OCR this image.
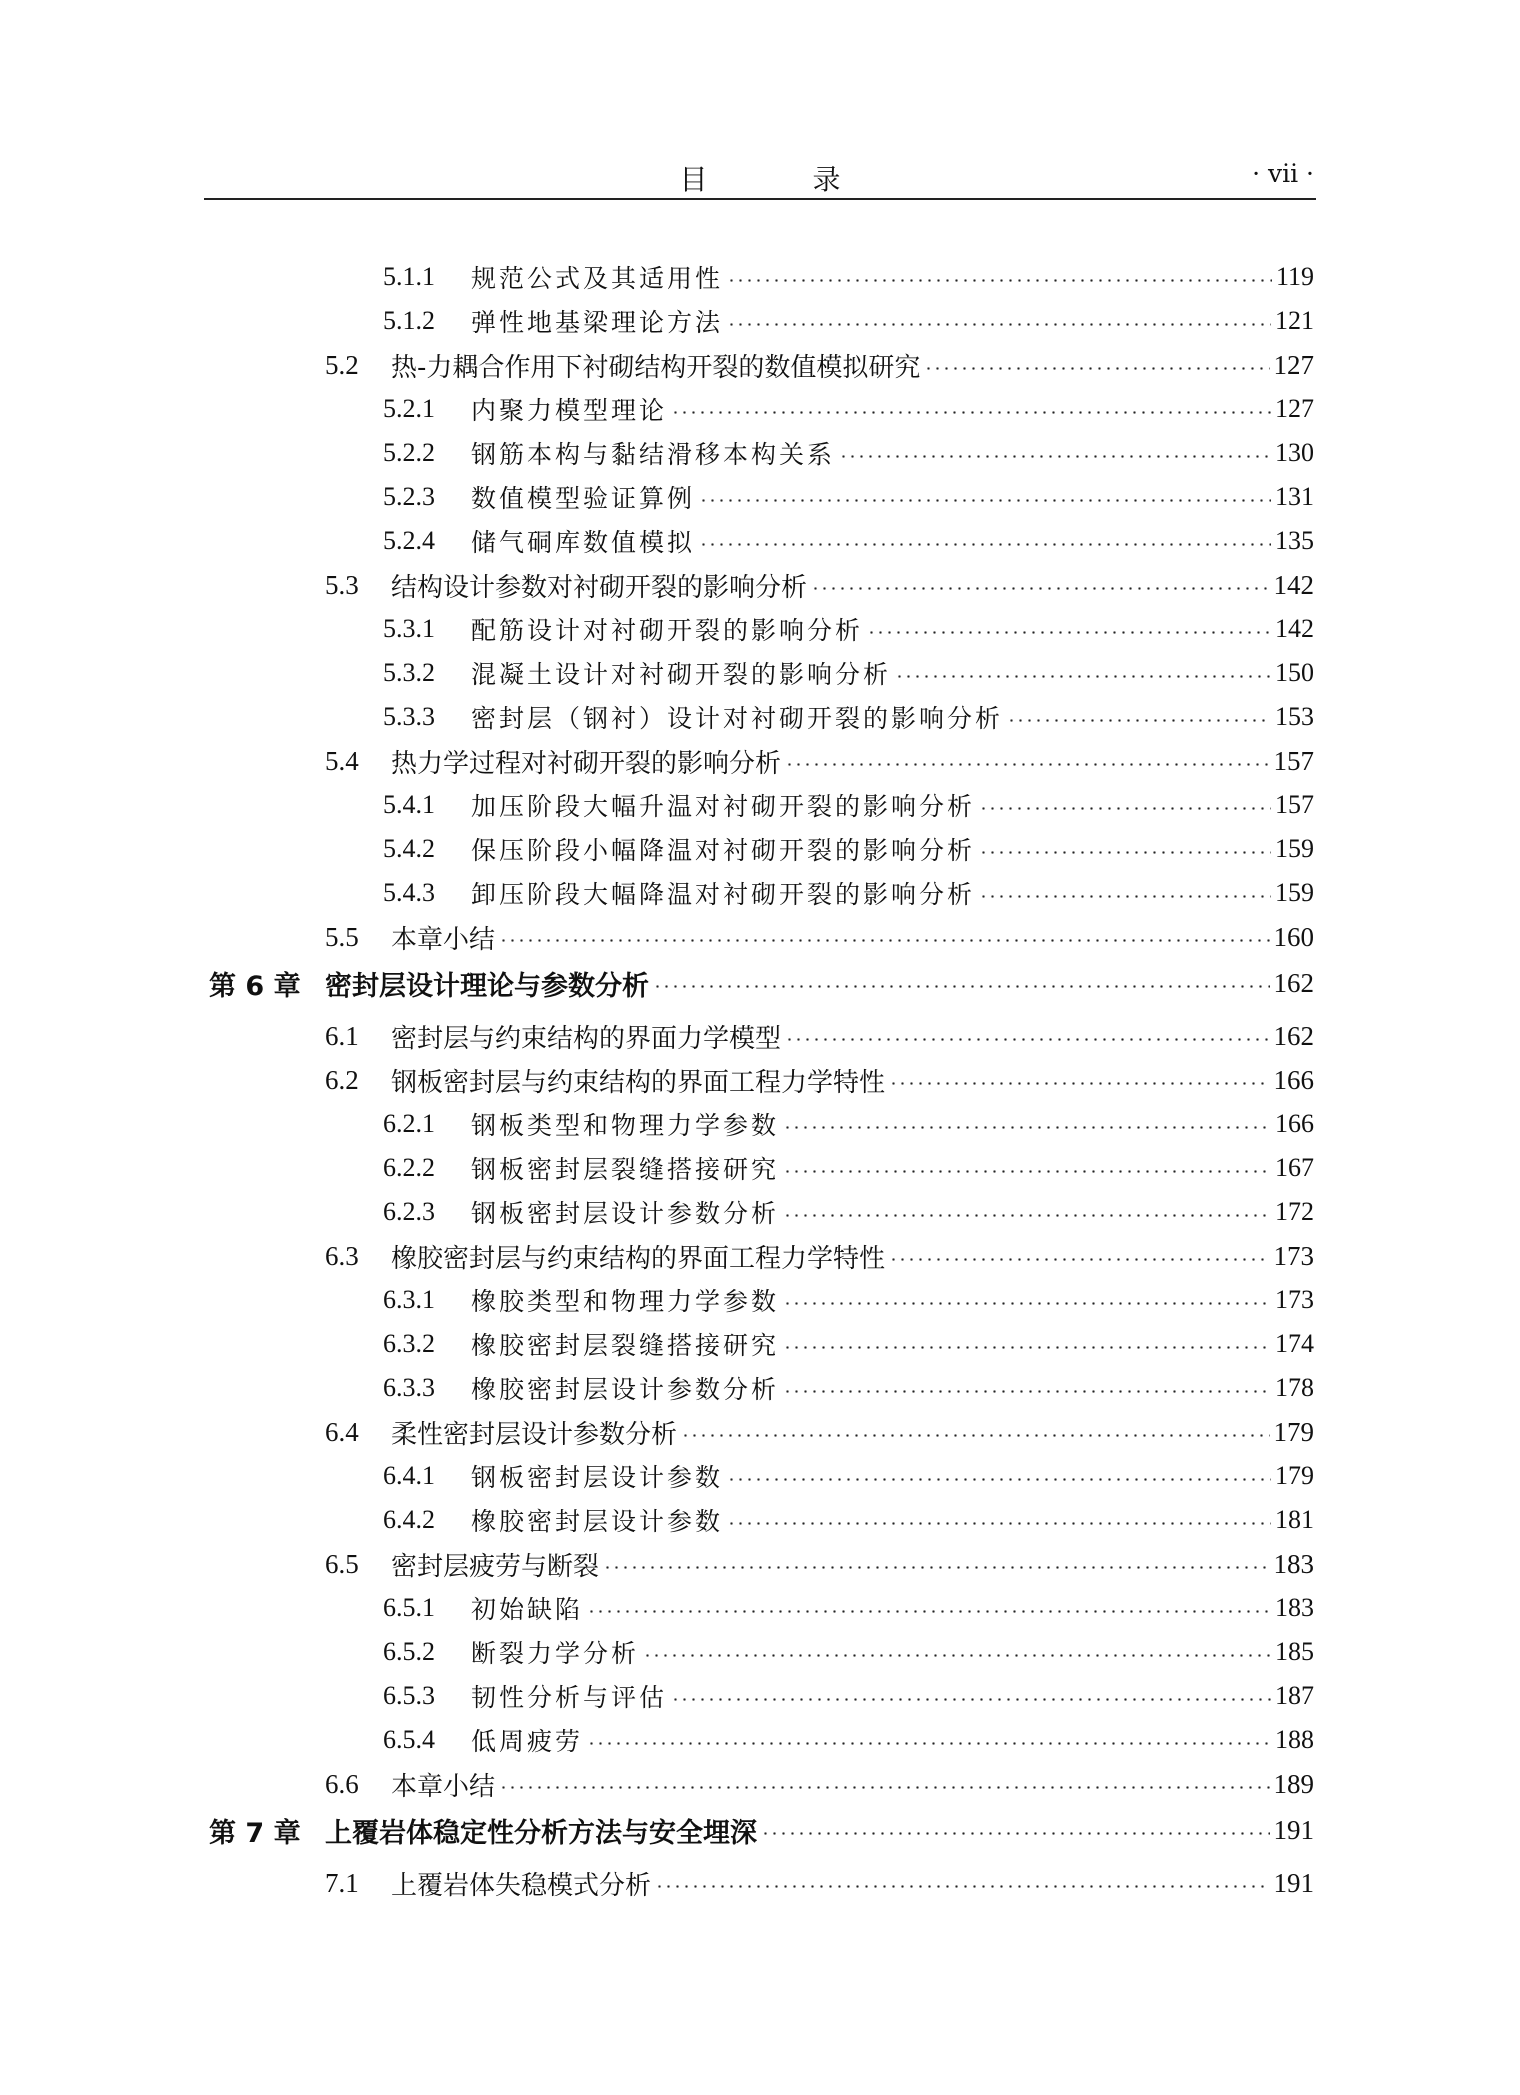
目 录	· vii ·
5.1.1	规范公式及其适用性	119
5.1.2	弹性地基梁理论方法	121
5.2	热-力耦合作用下衬砌结构开裂的数值模拟研究	127
5.2.1	内聚力模型理论	127
5.2.2	钢筋本构与黏结滑移本构关系	130
5.2.3	数值模型验证算例	131
5.2.4	储气硐库数值模拟	135
5.3	结构设计参数对衬砌开裂的影响分析	142
5.3.1	配筋设计对衬砌开裂的影响分析	142
5.3.2	混凝土设计对衬砌开裂的影响分析	150
5.3.3	密封层（钢衬）设计对衬砌开裂的影响分析	153
5.4	热力学过程对衬砌开裂的影响分析	157
5.4.1	加压阶段大幅升温对衬砌开裂的影响分析	157
5.4.2	保压阶段小幅降温对衬砌开裂的影响分析	159
5.4.3	卸压阶段大幅降温对衬砌开裂的影响分析	159
5.5	本章小结	160
第 6 章 密封层设计理论与参数分析	162
6.1	密封层与约束结构的界面力学模型	162
6.2	钢板密封层与约束结构的界面工程力学特性	166
6.2.1	钢板类型和物理力学参数	166
6.2.2	钢板密封层裂缝搭接研究	167
6.2.3	钢板密封层设计参数分析	172
6.3	橡胶密封层与约束结构的界面工程力学特性	173
6.3.1	橡胶类型和物理力学参数	173
6.3.2	橡胶密封层裂缝搭接研究	174
6.3.3	橡胶密封层设计参数分析	178
6.4	柔性密封层设计参数分析	179
6.4.1	钢板密封层设计参数	179
6.4.2	橡胶密封层设计参数	181
6.5	密封层疲劳与断裂	183
6.5.1	初始缺陷	183
6.5.2	断裂力学分析	185
6.5.3	韧性分析与评估	187
6.5.4	低周疲劳	188
6.6	本章小结	189
第 7 章 上覆岩体稳定性分析方法与安全埋深	191
7.1	上覆岩体失稳模式分析	191
